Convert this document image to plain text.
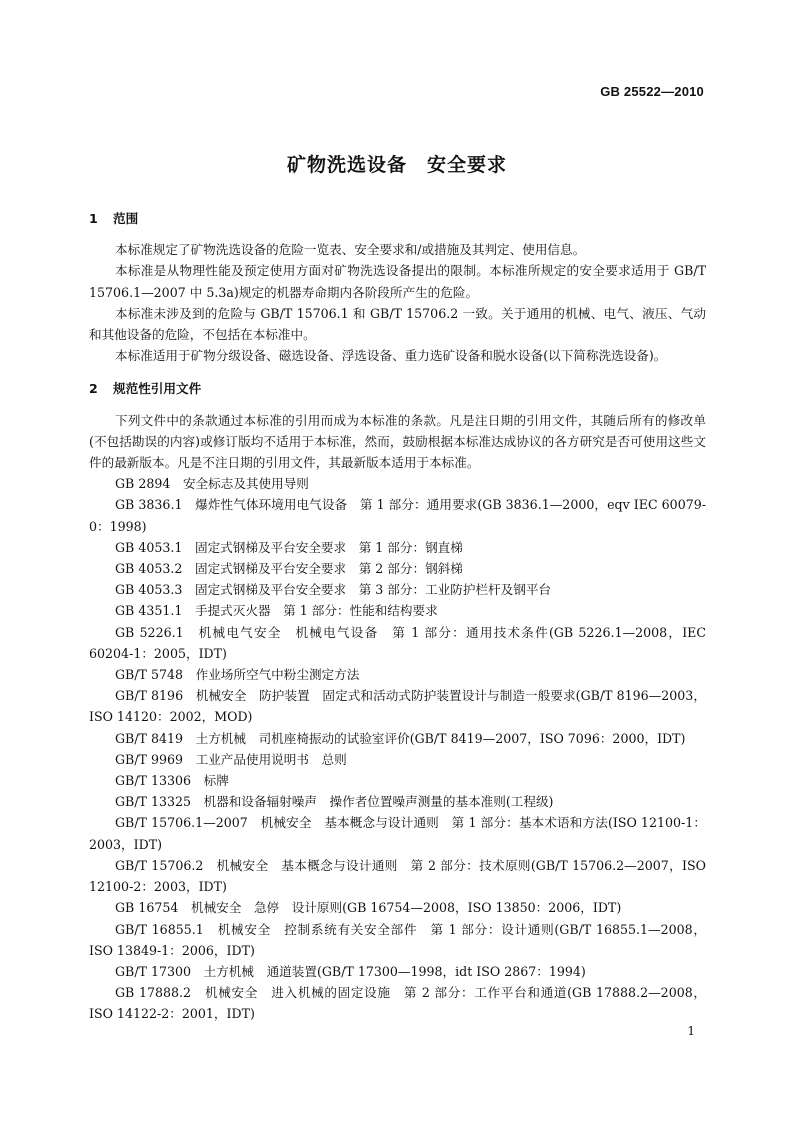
GB 25522—2010
矿物洗选设备　安全要求
1	范围

本标准规定了矿物洗选设备的危险一览表、安全要求和/或措施及其判定、使用信息。

本标准是从物理性能及预定使用方面对矿物洗选设备提出的限制。本标准所规定的安全要求适用于 GB/T 15706.1—2007 中 5.3a)规定的机器寿命期内各阶段所产生的危险。

本标准未涉及到的危险与 GB/T 15706.1 和 GB/T 15706.2 一致。关于通用的机械、电气、液压、气动和其他设备的危险，不包括在本标准中。

本标准适用于矿物分级设备、磁选设备、浮选设备、重力选矿设备和脱水设备(以下简称洗选设备)。

2	规范性引用文件

下列文件中的条款通过本标准的引用而成为本标准的条款。凡是注日期的引用文件，其随后所有的修改单(不包括勘误的内容)或修订版均不适用于本标准，然而，鼓励根据本标准达成协议的各方研究是否可使用这些文件的最新版本。凡是不注日期的引用文件，其最新版本适用于本标准。

GB 2894　安全标志及其使用导则

GB 3836.1　爆炸性气体环境用电气设备　第 1 部分：通用要求(GB 3836.1—2000，eqv IEC 60079-0：1998)

GB 4053.1　固定式钢梯及平台安全要求　第 1 部分：钢直梯

GB 4053.2　固定式钢梯及平台安全要求　第 2 部分：钢斜梯

GB 4053.3　固定式钢梯及平台安全要求　第 3 部分：工业防护栏杆及钢平台

GB 4351.1　手提式灭火器　第 1 部分：性能和结构要求

GB 5226.1　机械电气安全　机械电气设备　第 1 部分：通用技术条件(GB 5226.1—2008，IEC 60204-1：2005，IDT)

GB/T 5748　作业场所空气中粉尘测定方法

GB/T 8196　机械安全　防护装置　固定式和活动式防护装置设计与制造一般要求(GB/T 8196—2003，ISO 14120：2002，MOD)

GB/T 8419　土方机械　司机座椅振动的试验室评价(GB/T 8419—2007，ISO 7096：2000，IDT)

GB/T 9969　工业产品使用说明书　总则

GB/T 13306　标牌

GB/T 13325　机器和设备辐射噪声　操作者位置噪声测量的基本准则(工程级)

GB/T 15706.1—2007　机械安全　基本概念与设计通则　第 1 部分：基本术语和方法(ISO 12100-1：2003，IDT)

GB/T 15706.2　机械安全　基本概念与设计通则　第 2 部分：技术原则(GB/T 15706.2—2007，ISO 12100-2：2003，IDT)

GB 16754　机械安全　急停　设计原则(GB 16754—2008，ISO 13850：2006，IDT)

GB/T 16855.1　机械安全　控制系统有关安全部件　第 1 部分：设计通则(GB/T 16855.1—2008，ISO 13849-1：2006，IDT)

GB/T 17300　土方机械　通道装置(GB/T 17300—1998，idt ISO 2867：1994)

GB 17888.2　机械安全　进入机械的固定设施　第 2 部分：工作平台和通道(GB 17888.2—2008，ISO 14122-2：2001，IDT)

1
